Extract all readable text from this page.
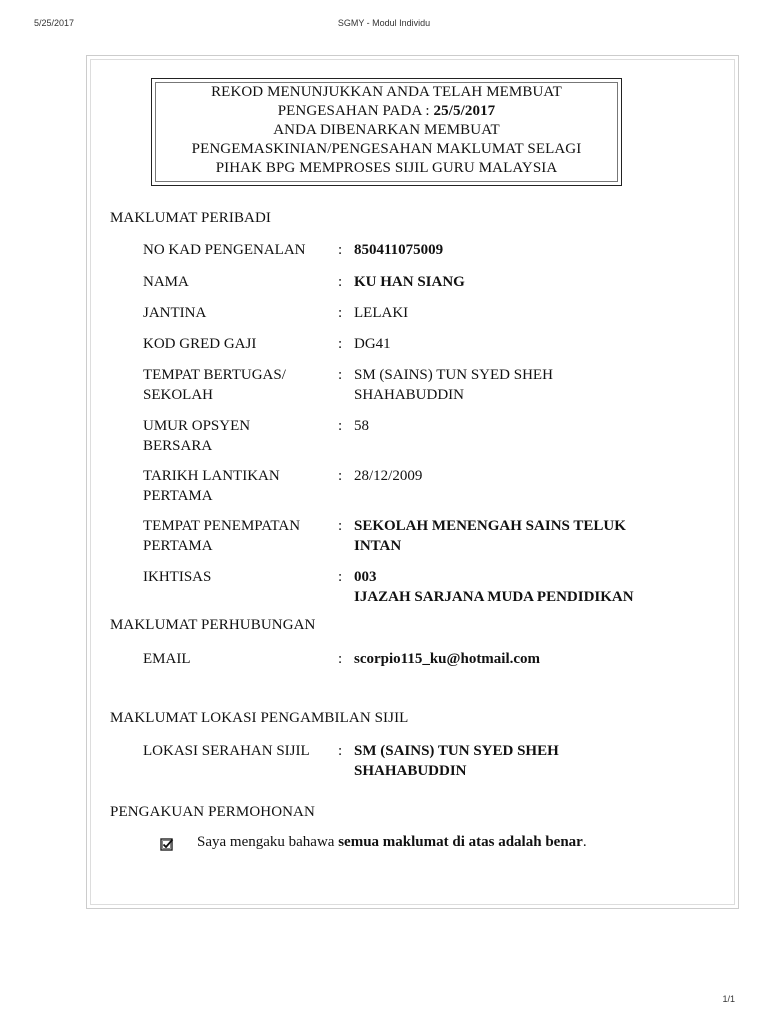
5/25/2017	SGMY - Modul Individu
REKOD MENUNJUKKAN ANDA TELAH MEMBUAT
PENGESAHAN PADA : 25/5/2017
ANDA DIBENARKAN MEMBUAT
PENGEMASKINIAN/PENGESAHAN MAKLUMAT SELAGI
PIHAK BPG MEMPROSES SIJIL GURU MALAYSIA
MAKLUMAT PERIBADI
NO KAD PENGENALAN	: 850411075009
NAMA	: KU HAN SIANG
JANTINA	: LELAKI
KOD GRED GAJI	: DG41
TEMPAT BERTUGAS/
SEKOLAH
: SM (SAINS) TUN SYED SHEH
SHAHABUDDIN
UMUR OPSYEN
BERSARA
: 58
TARIKH LANTIKAN
PERTAMA
: 28/12/2009
TEMPAT PENEMPATAN
PERTAMA
: SEKOLAH MENENGAH SAINS TELUK
INTAN
IKHTISAS	: 003
IJAZAH SARJANA MUDA PENDIDIKAN
MAKLUMAT PERHUBUNGAN
EMAIL	: scorpio115_ku@hotmail.com
MAKLUMAT LOKASI PENGAMBILAN SIJIL
LOKASI SERAHAN SIJIL	: SM (SAINS) TUN SYED SHEH
SHAHABUDDIN
PENGAKUAN PERMOHONAN
Saya mengaku bahawa semua maklumat di atas adalah benar.
1/1
